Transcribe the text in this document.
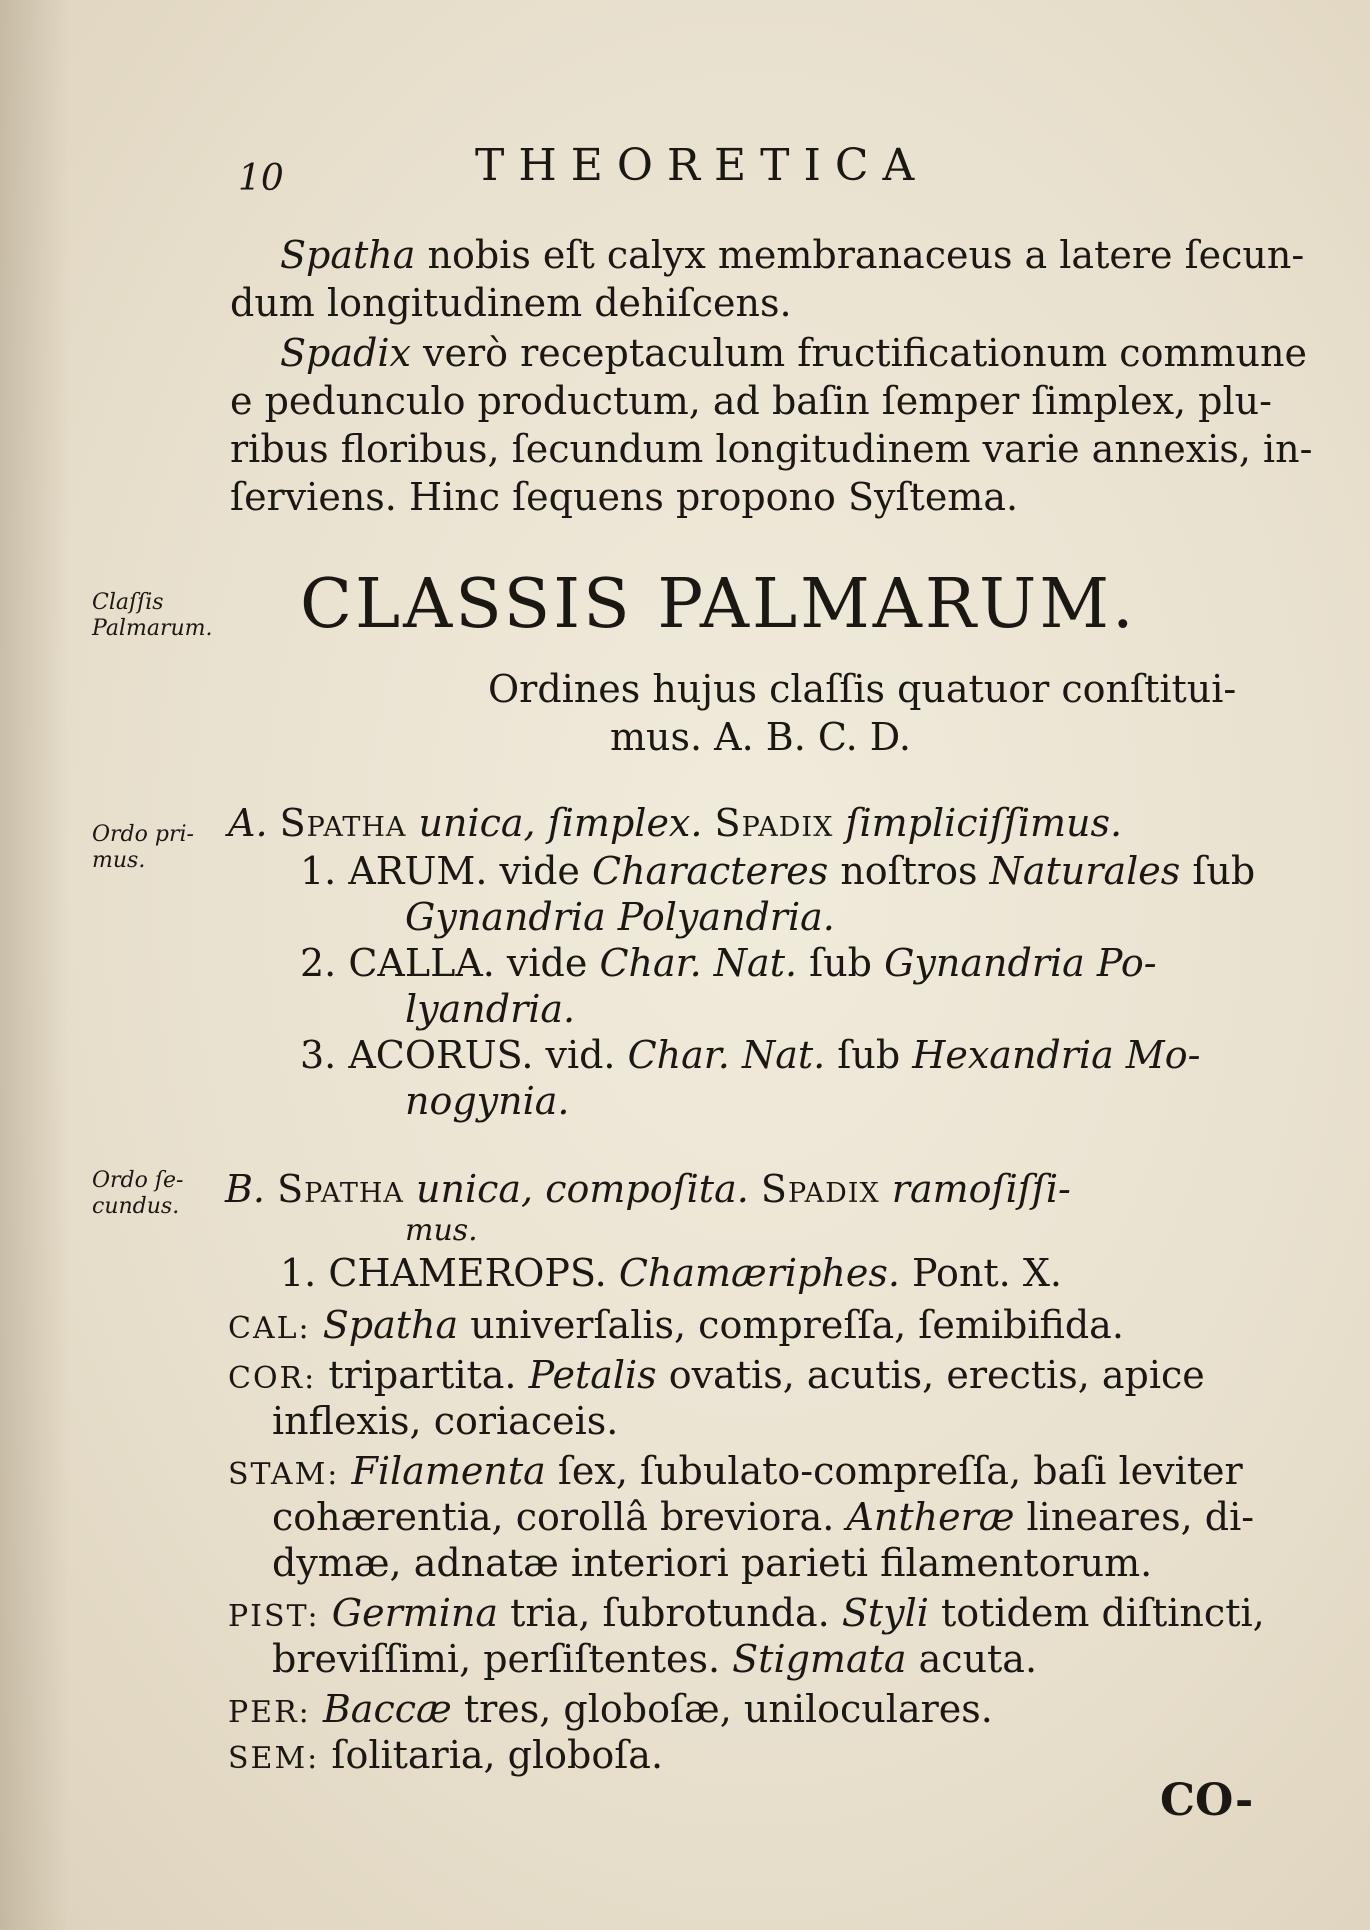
10	THEORETICA
Spatha nobis eſt calyx membranaceus a latere ſecun-
dum longitudinem dehiſcens.
Spadix verò receptaculum fructificationum commune
e pedunculo productum, ad baſin ſemper ſimplex, plu-
ribus floribus, ſecundum longitudinem varie annexis, in-
ſerviens. Hinc ſequens propono Syſtema.
Claſſis
Palmarum.
Ordo pri-
mus.
Ordo ſe-
cundus.
CLASSIS PALMARUM.
Ordines hujus claſſis quatuor conſtitui-
mus. A. B. C. D.
A. Spatha unica, ſimplex. Spadix ſimpliciſſimus.
1. ARUM. vide Characteres noſtros Naturales ſub
Gynandria Polyandria.
2. CALLA. vide Char. Nat. ſub Gynandria Po-
lyandria.
3. ACORUS. vid. Char. Nat. ſub Hexandria Mo-
nogynia.
B. Spatha unica, compoſita. Spadix ramoſiſſi-
mus.
1. CHAMEROPS. Chamæriphes. Pont. X.
CAL: Spatha univerſalis, compreſſa, ſemibifida.
COR: tripartita. Petalis ovatis, acutis, erectis, apice
inflexis, coriaceis.
STAM: Filamenta ſex, ſubulato-compreſſa, baſi leviter
cohærentia, corollâ breviora. Antheræ lineares, di-
dymæ, adnatæ interiori parieti filamentorum.
PIST: Germina tria, ſubrotunda. Styli totidem diſtincti,
breviſſimi, perſiſtentes. Stigmata acuta.
PER: Baccæ tres, globoſæ, uniloculares.
SEM: ſolitaria, globoſa.
CO-
